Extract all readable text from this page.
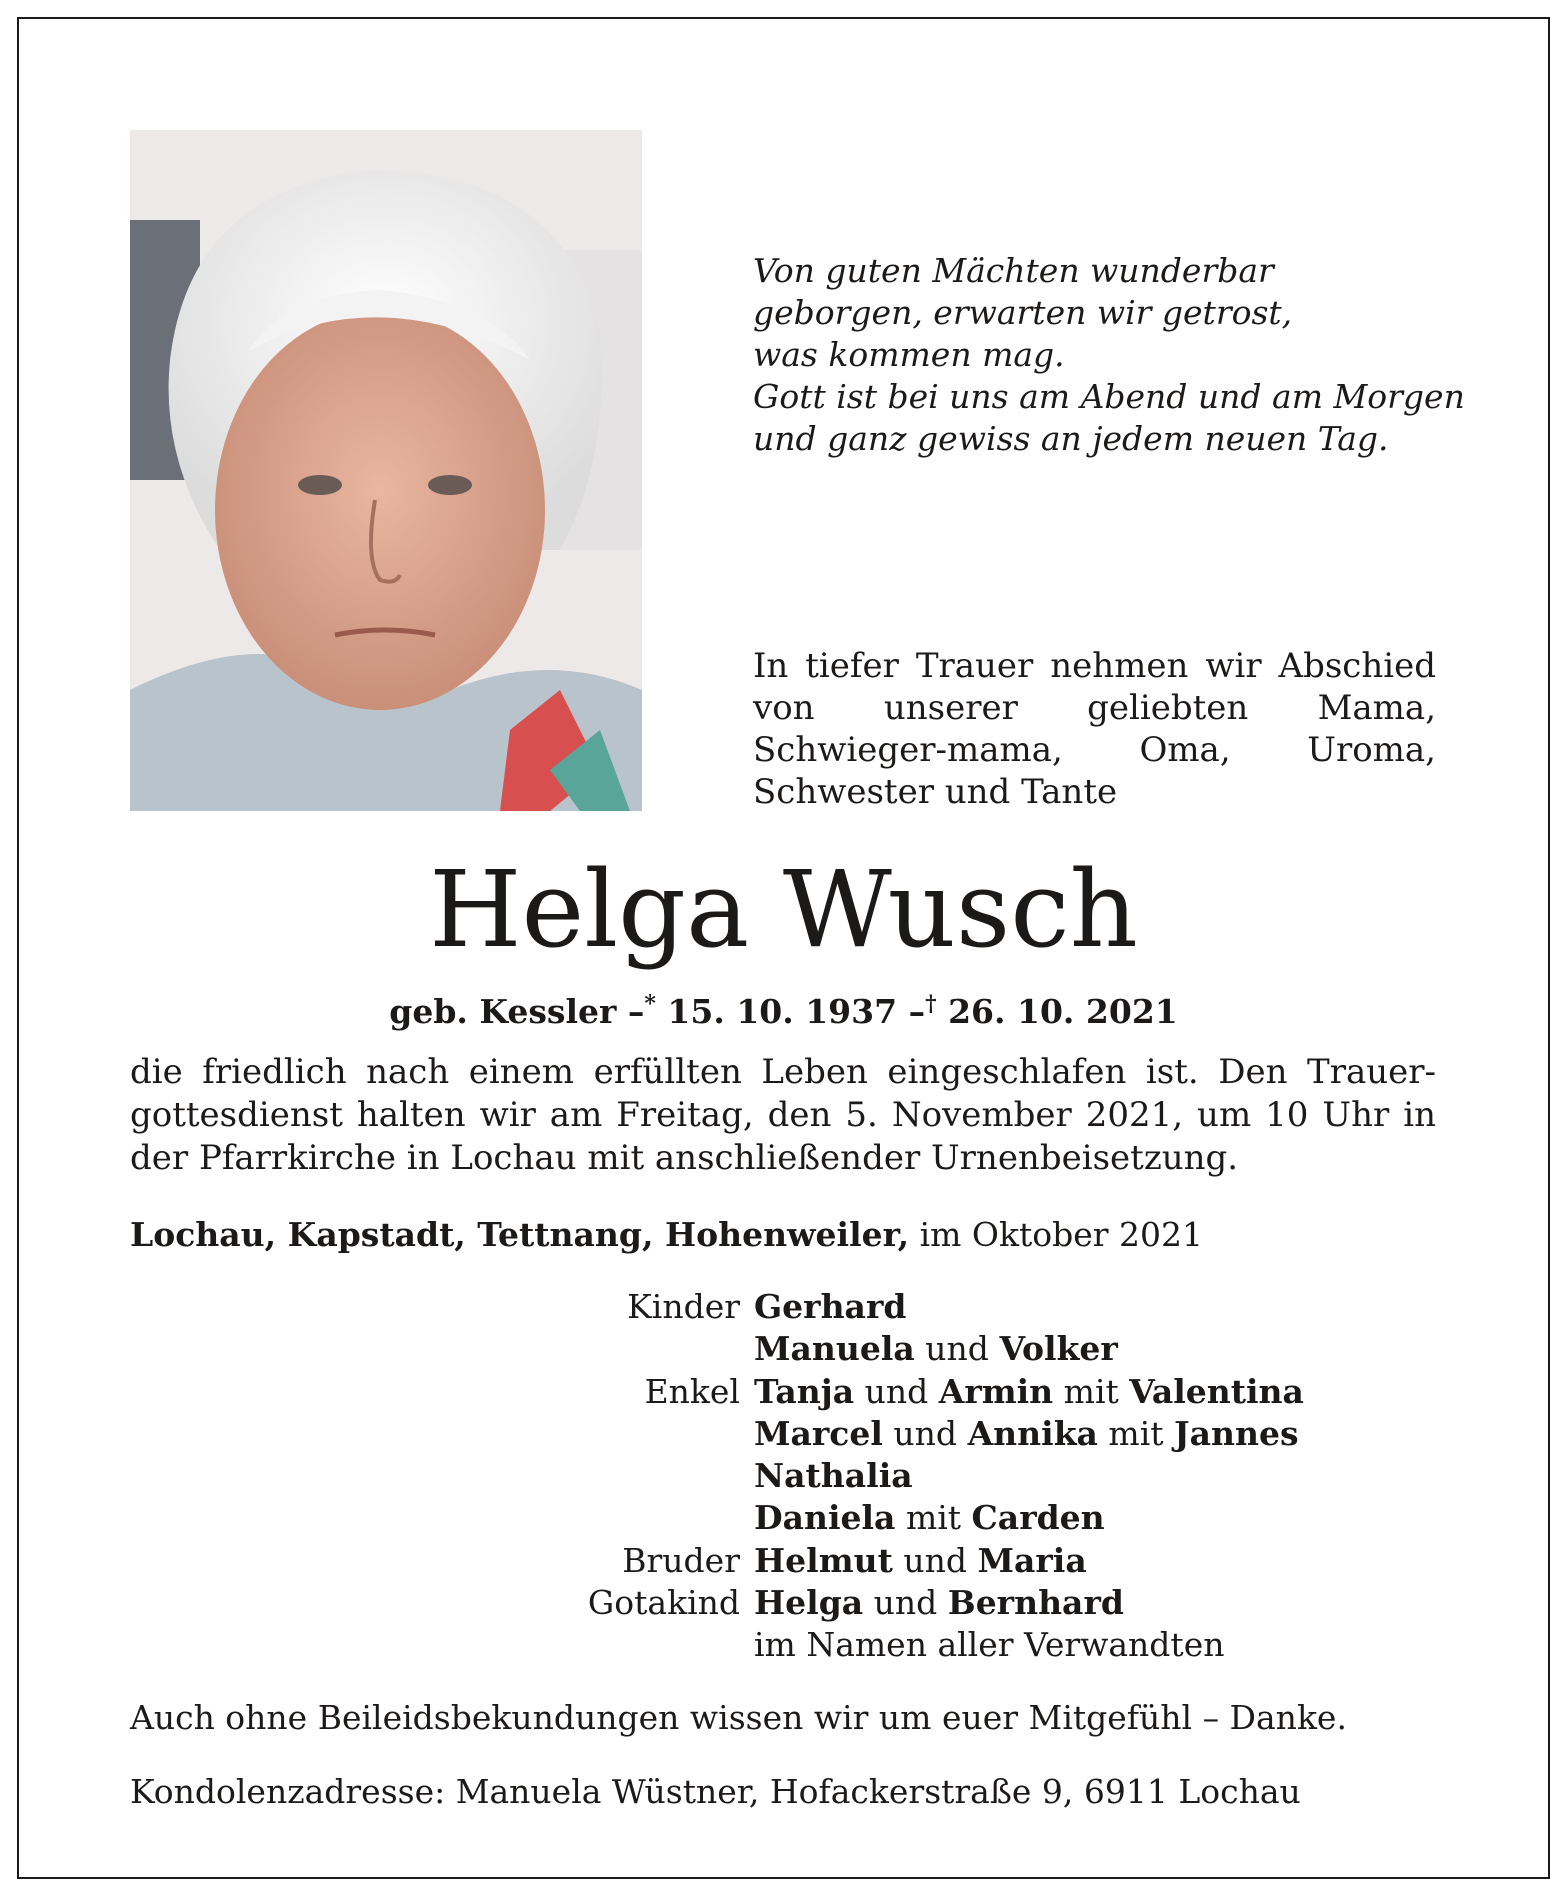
Von guten Mächten wunderbar
geborgen, erwarten wir getrost,
was kommen mag.
Gott ist bei uns am Abend und am Morgen
und ganz gewiss an jedem neuen Tag.
In tiefer Trauer nehmen wir Abschied von unserer geliebten Mama, Schwieger-mama, Oma, Uroma, Schwester und Tante
Helga Wusch
geb. Kessler –* 15. 10. 1937 –† 26. 10. 2021
die friedlich nach einem erfüllten Leben eingeschlafen ist. Den Trauer-gottesdienst halten wir am Freitag, den 5. November 2021, um 10 Uhr in der Pfarrkirche in Lochau mit anschließender Urnenbeisetzung.
Lochau, Kapstadt, Tettnang, Hohenweiler, im Oktober 2021
Kinder Gerhard
Manuela und Volker
Enkel Tanja und Armin mit Valentina
Marcel und Annika mit Jannes
Nathalia
Daniela mit Carden
Bruder Helmut und Maria
Gotakind Helga und Bernhard
im Namen aller Verwandten
Auch ohne Beileidsbekundungen wissen wir um euer Mitgefühl – Danke.
Kondolenzadresse: Manuela Wüstner, Hofackerstraße 9, 6911 Lochau
